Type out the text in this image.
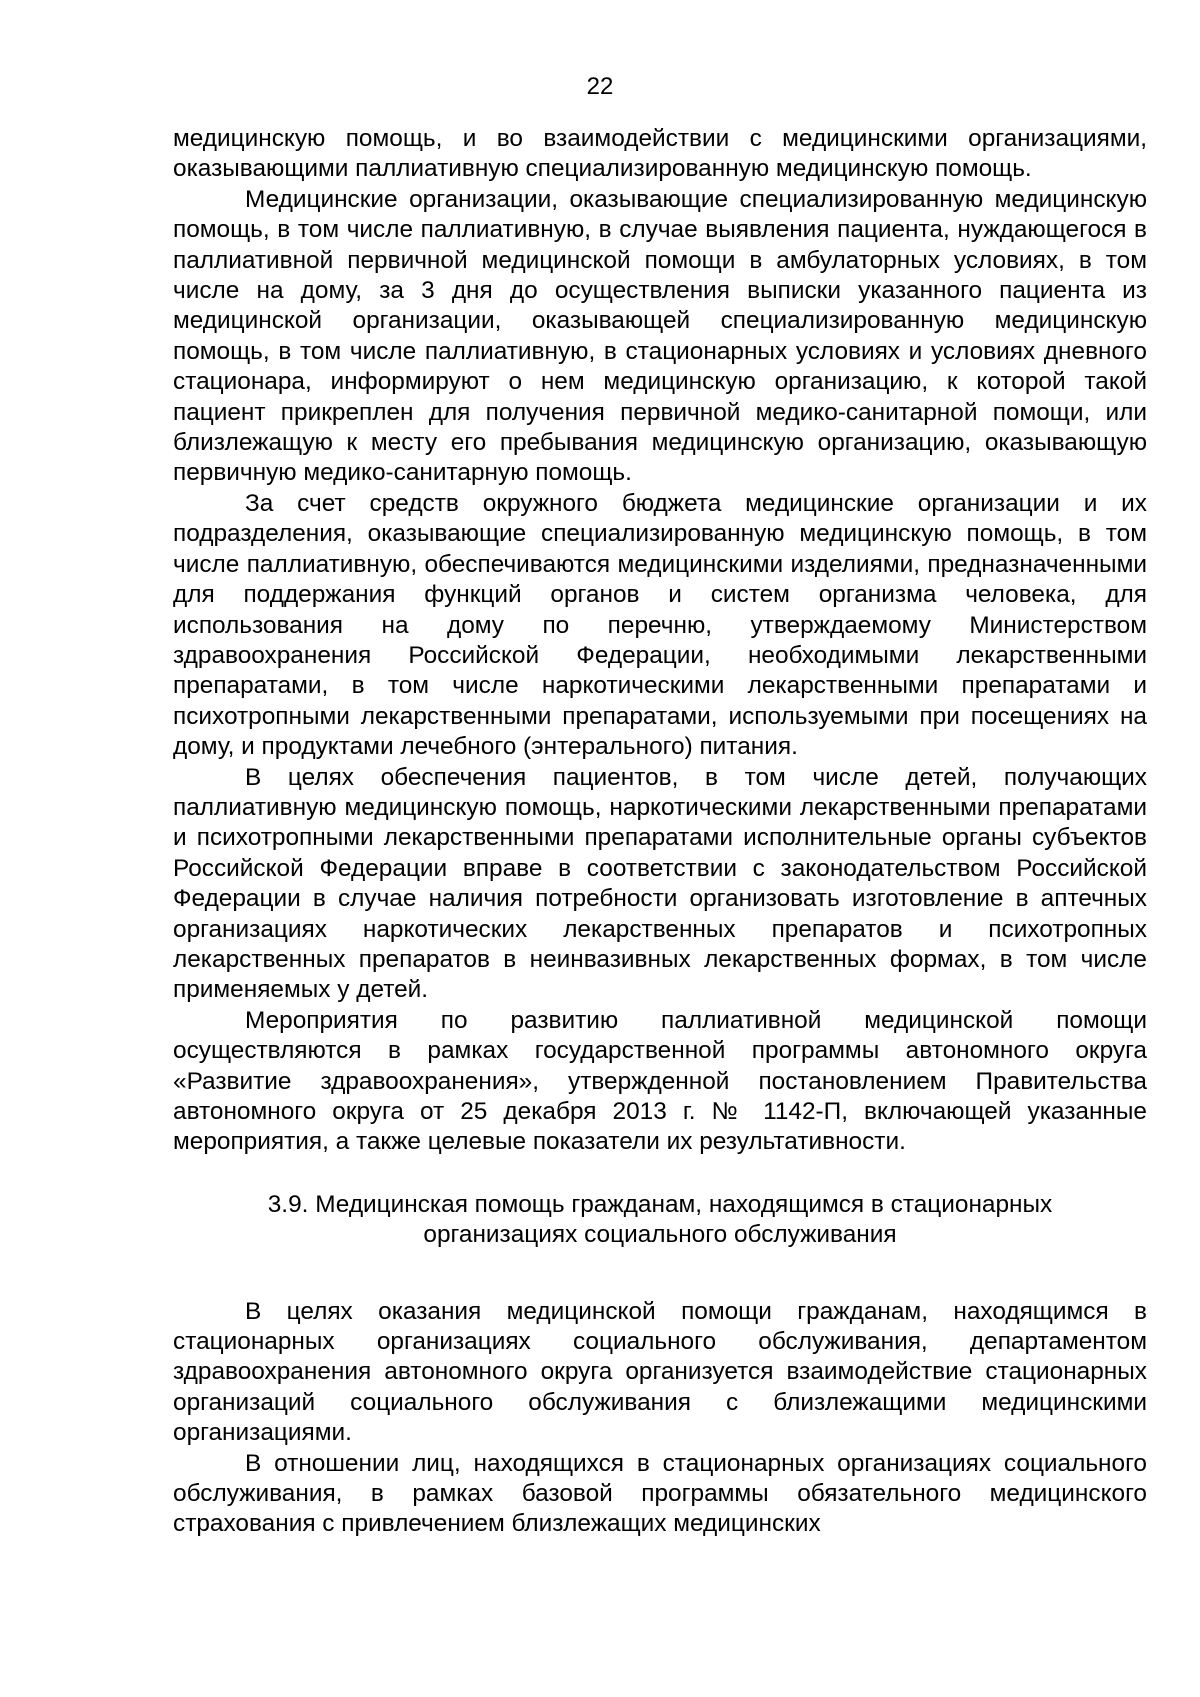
22

медицинскую помощь, и во взаимодействии с медицинскими организациями, оказывающими паллиативную специализированную медицинскую помощь.

Медицинские организации, оказывающие специализированную медицинскую помощь, в том числе паллиативную, в случае выявления пациента, нуждающегося в паллиативной первичной медицинской помощи в амбулаторных условиях, в том числе на дому, за 3 дня до осуществления выписки указанного пациента из медицинской организации, оказывающей специализированную медицинскую помощь, в том числе паллиативную, в стационарных условиях и условиях дневного стационара, информируют о нем медицинскую организацию, к которой такой пациент прикреплен для получения первичной медико-санитарной помощи, или близлежащую к месту его пребывания медицинскую организацию, оказывающую первичную медико-санитарную помощь.

За счет средств окружного бюджета медицинские организации и их подразделения, оказывающие специализированную медицинскую помощь, в том числе паллиативную, обеспечиваются медицинскими изделиями, предназначенными для поддержания функций органов и систем организма человека, для использования на дому по перечню, утверждаемому Министерством здравоохранения Российской Федерации, необходимыми лекарственными препаратами, в том числе наркотическими лекарственными препаратами и психотропными лекарственными препаратами, используемыми при посещениях на дому, и продуктами лечебного (энтерального) питания.

В целях обеспечения пациентов, в том числе детей, получающих паллиативную медицинскую помощь, наркотическими лекарственными препаратами и психотропными лекарственными препаратами исполнительные органы субъектов Российской Федерации вправе в соответствии с законодательством Российской Федерации в случае наличия потребности организовать изготовление в аптечных организациях наркотических лекарственных препаратов и психотропных лекарственных препаратов в неинвазивных лекарственных формах, в том числе применяемых у детей.

Мероприятия по развитию паллиативной медицинской помощи осуществляются в рамках государственной программы автономного округа «Развитие здравоохранения», утвержденной постановлением Правительства автономного округа от 25 декабря 2013 г. № 1142-П, включающей указанные мероприятия, а также целевые показатели их результативности.

3.9. Медицинская помощь гражданам, находящимся в стационарных организациях социального обслуживания

В целях оказания медицинской помощи гражданам, находящимся в стационарных организациях социального обслуживания, департаментом здравоохранения автономного округа организуется взаимодействие стационарных организаций социального обслуживания с близлежащими медицинскими организациями.

В отношении лиц, находящихся в стационарных организациях социального обслуживания, в рамках базовой программы обязательного медицинского страхования с привлечением близлежащих медицинских
